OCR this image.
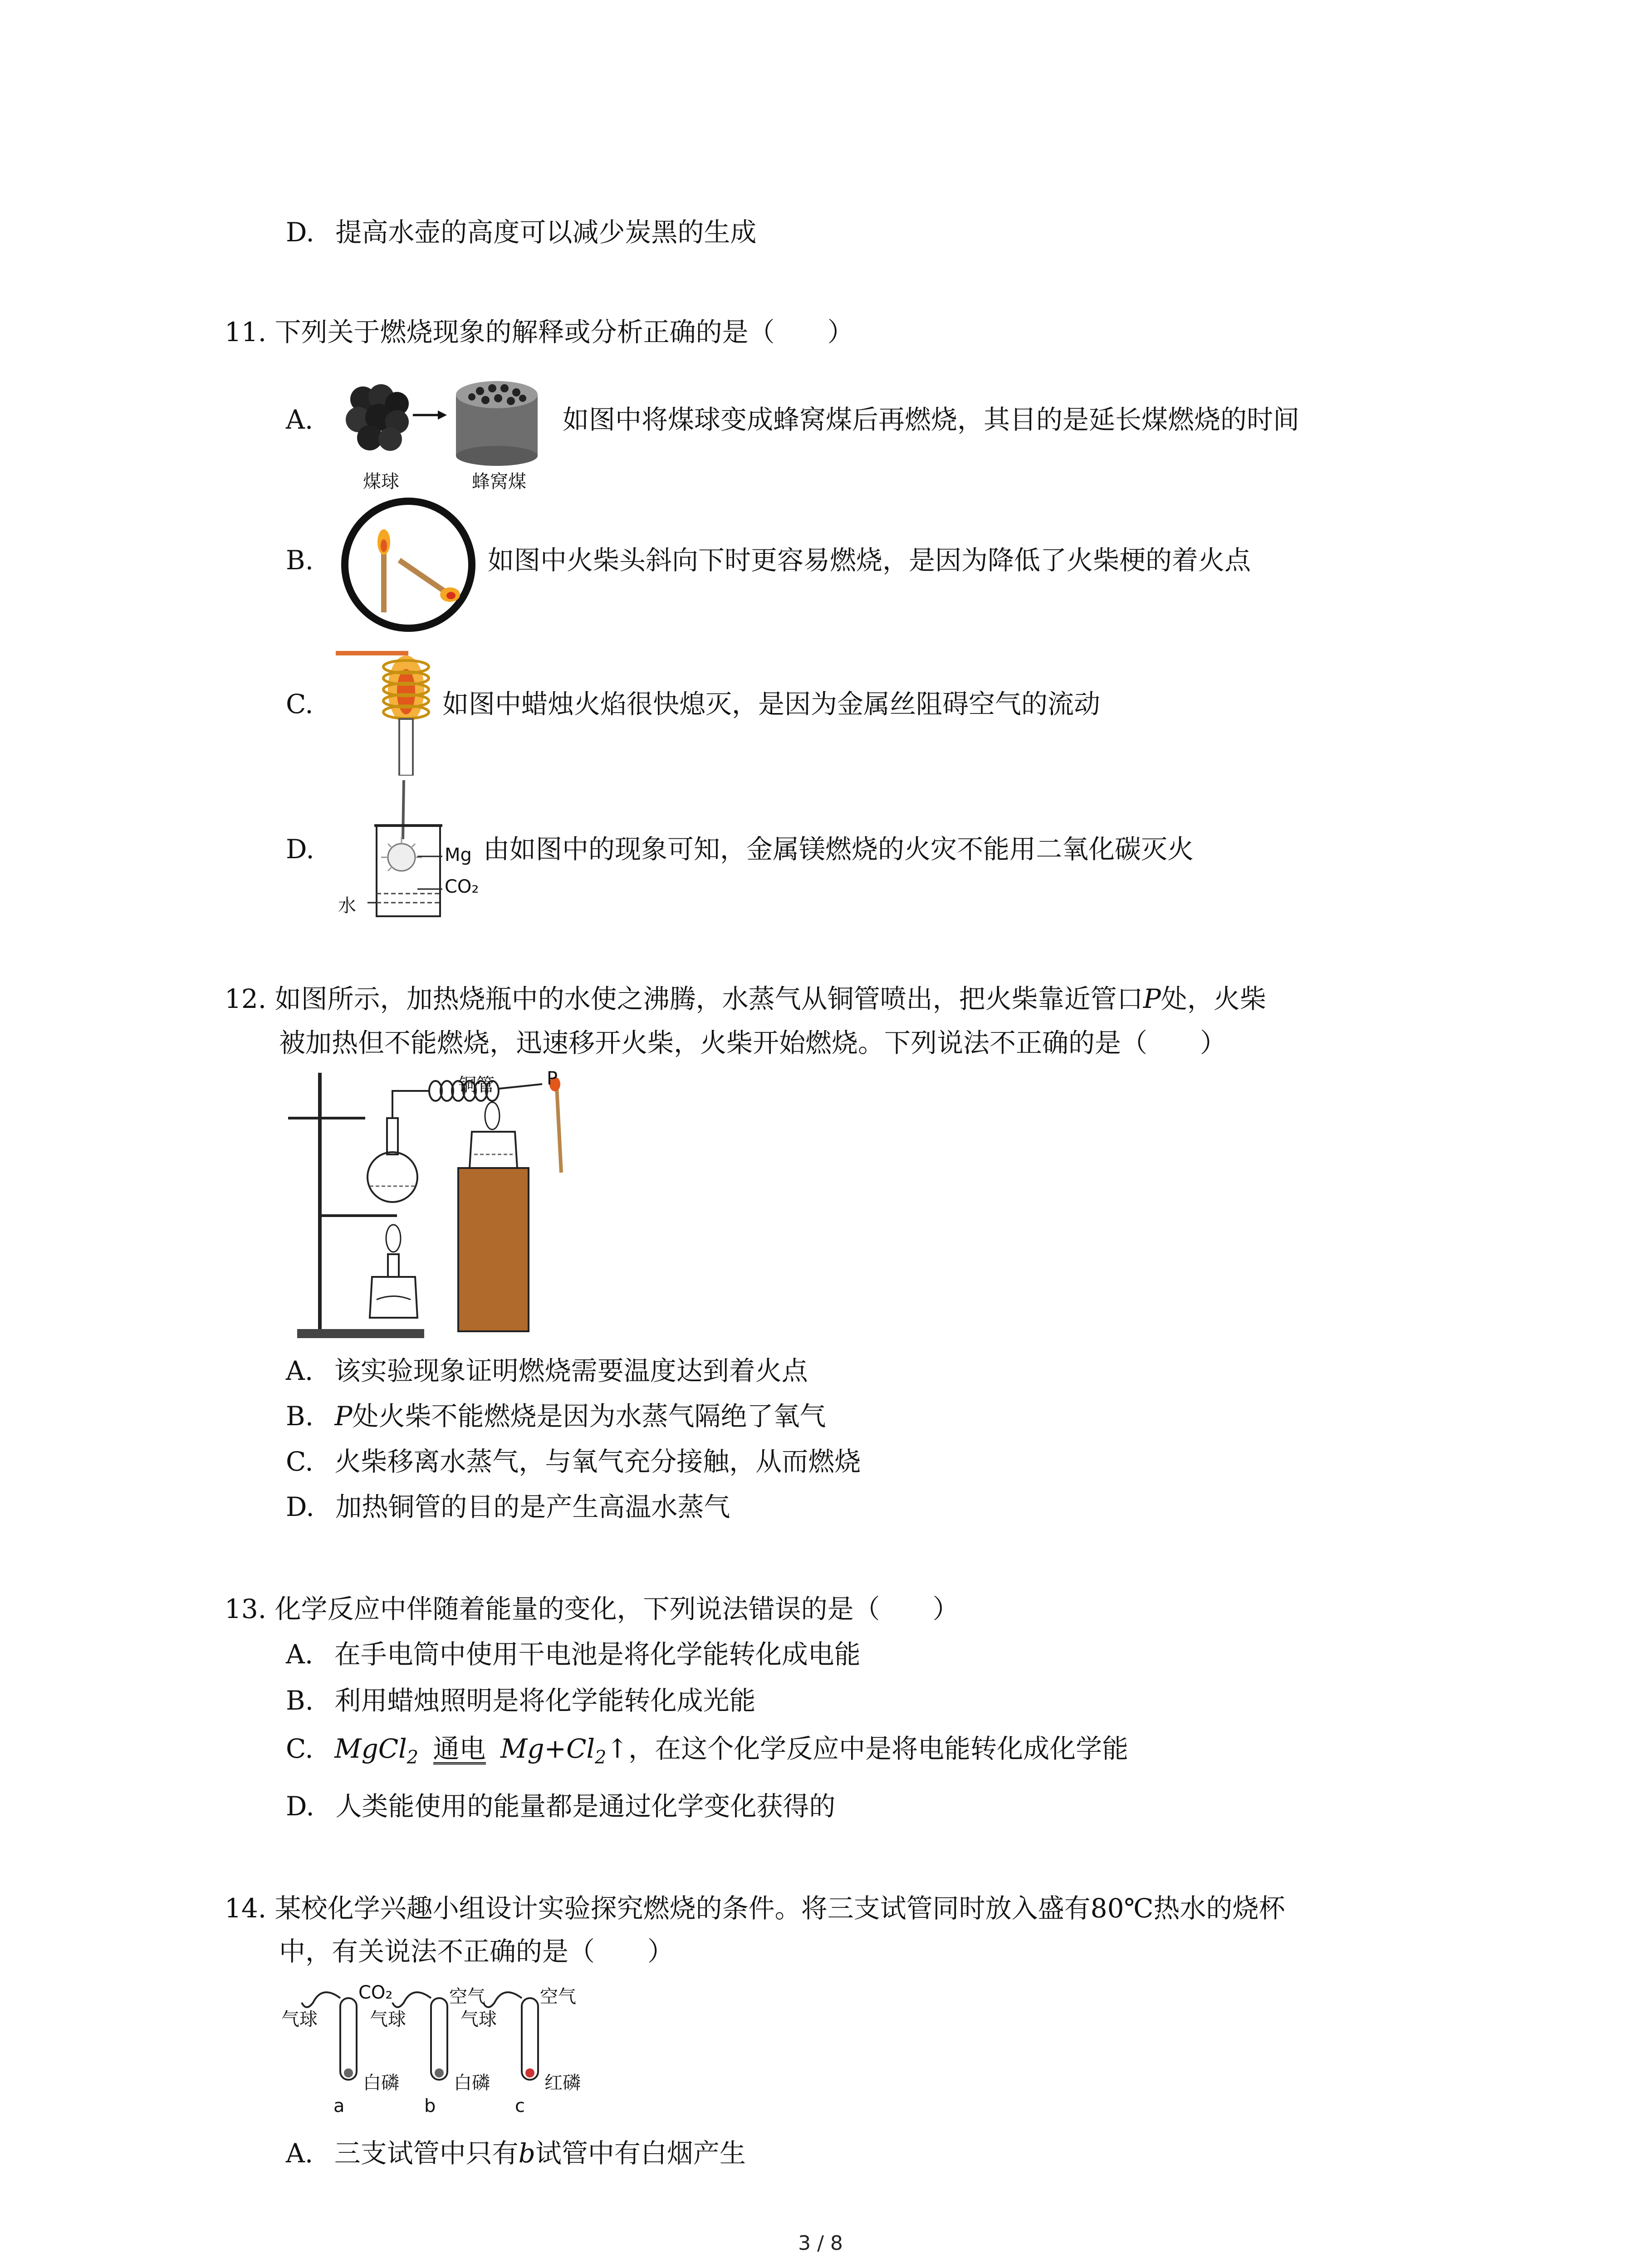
D. 提高水壶的高度可以减少炭黑的生成
11. 下列关于燃烧现象的解释或分析正确的是（　　）
A.
煤球	蜂窝煤
如图中将煤球变成蜂窝煤后再燃烧，其目的是延长煤燃烧的时间
B.	如图中火柴头斜向下时更容易燃烧，是因为降低了火柴梗的着火点
C.	如图中蜡烛火焰很快熄灭，是因为金属丝阻碍空气的流动
D.	Mg
CO₂
水
由如图中的现象可知，金属镁燃烧的火灾不能用二氧化碳灭火
12. 如图所示，加热烧瓶中的水使之沸腾，水蒸气从铜管喷出，把火柴靠近管口P处，火柴
被加热但不能燃烧，迅速移开火柴，火柴开始燃烧。下列说法不正确的是（　　）
铜管	P
A. 该实验现象证明燃烧需要温度达到着火点
B. P处火柴不能燃烧是因为水蒸气隔绝了氧气
C. 火柴移离水蒸气，与氧气充分接触，从而燃烧
D. 加热铜管的目的是产生高温水蒸气
13. 化学反应中伴随着能量的变化，下列说法错误的是（　　）
A. 在手电筒中使用干电池是将化学能转化成电能
B. 利用蜡烛照明是将化学能转化成光能
C. MgCl$_2$ 通电 $Mg+Cl_2↑$，在这个化学反应中是将电能转化成化学能
D. 人类能使用的能量都是通过化学变化获得的
14. 某校化学兴趣小组设计实验探究燃烧的条件。将三支试管同时放入盛有80℃热水的烧杯
中，有关说法不正确的是（　　）
气球
CO₂
白磷
a
气球
空气
白磷
b
气球
空气
红磷
c
A. 三支试管中只有b试管中有白烟产生
3 / 8
